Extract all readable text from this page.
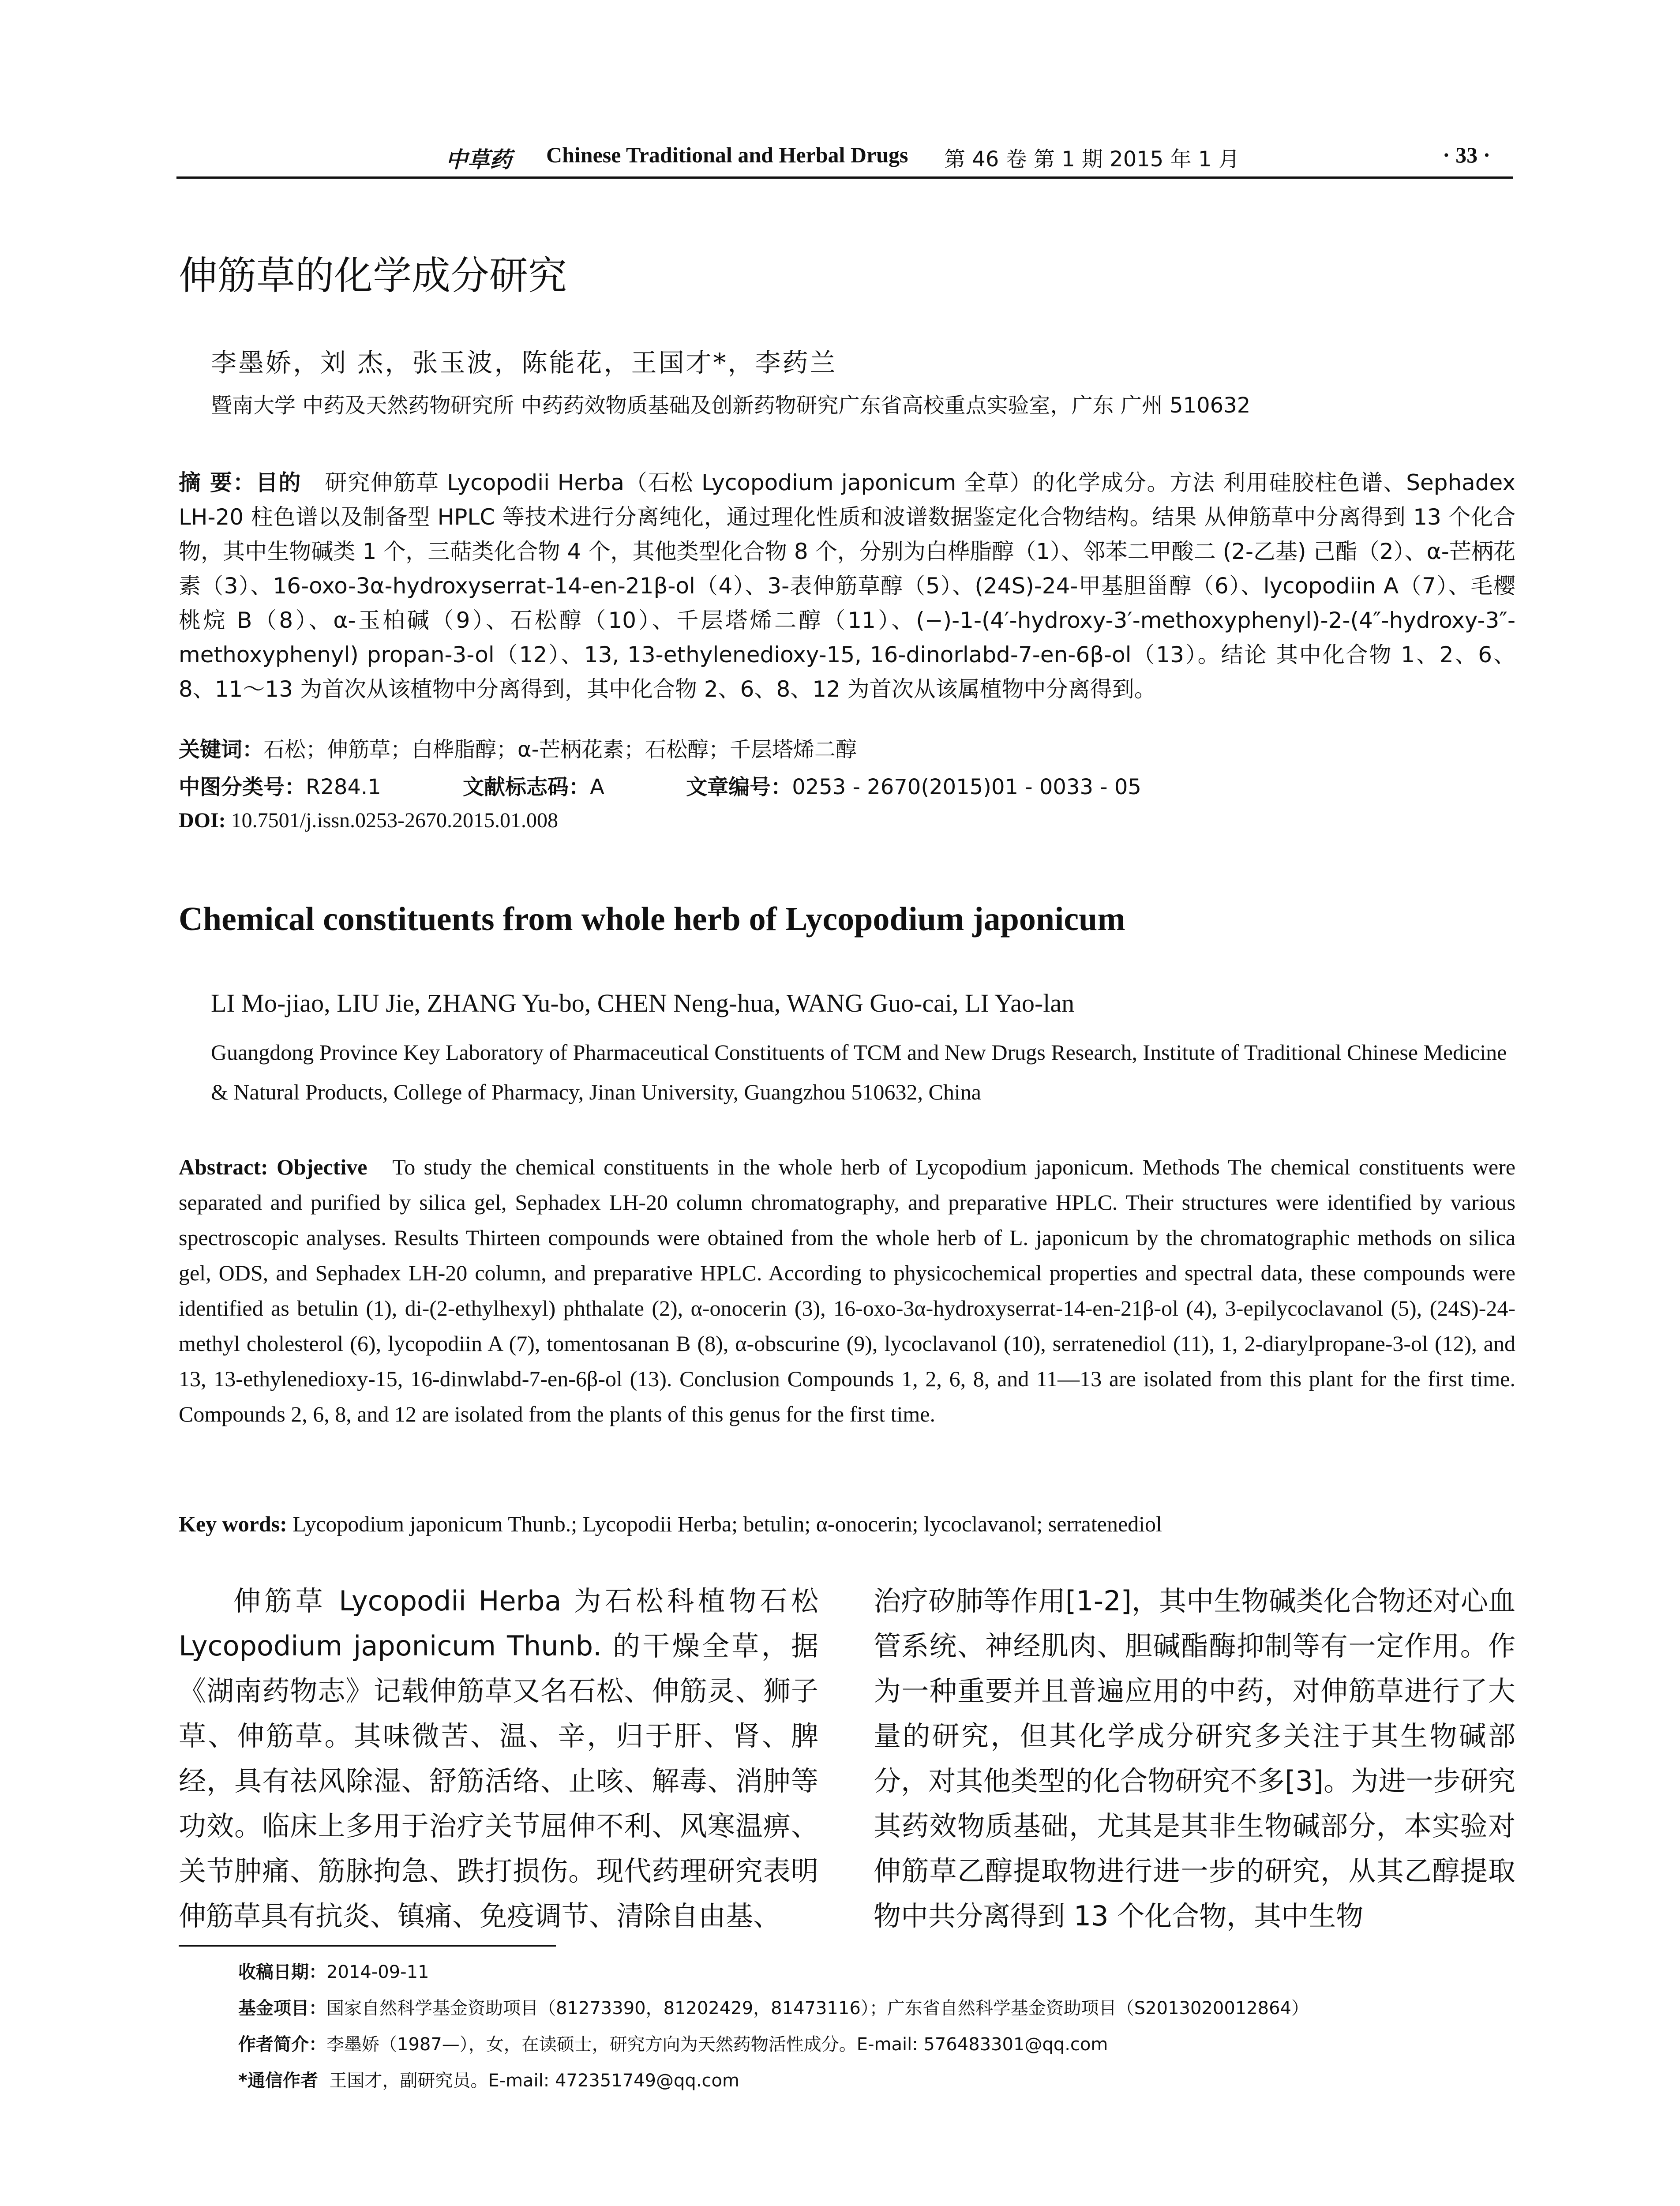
中草药 Chinese Traditional and Herbal Drugs 第 46 卷 第 1 期 2015 年 1 月	· 33 ·
伸筋草的化学成分研究
李墨娇，刘 杰，张玉波，陈能花，王国才*，李药兰
暨南大学 中药及天然药物研究所 中药药效物质基础及创新药物研究广东省高校重点实验室，广东 广州 510632
摘 要：目的 研究伸筋草 Lycopodii Herba（石松 Lycopodium japonicum 全草）的化学成分。方法 利用硅胶柱色谱、Sephadex LH-20 柱色谱以及制备型 HPLC 等技术进行分离纯化，通过理化性质和波谱数据鉴定化合物结构。结果 从伸筋草中分离得到 13 个化合物，其中生物碱类 1 个，三萜类化合物 4 个，其他类型化合物 8 个，分别为白桦脂醇（1）、邻苯二甲酸二 (2-乙基) 己酯（2）、α-芒柄花素（3）、16-oxo-3α-hydroxyserrat-14-en-21β-ol（4）、3-表伸筋草醇（5）、(24S)-24-甲基胆甾醇（6）、lycopodiin A（7）、毛樱桃烷 B（8）、α-玉柏碱（9）、石松醇（10）、千层塔烯二醇（11）、(−)-1-(4′-hydroxy-3′-methoxyphenyl)-2-(4″-hydroxy-3″-methoxyphenyl) propan-3-ol（12）、13, 13-ethylenedioxy-15, 16-dinorlabd-7-en-6β-ol（13）。结论 其中化合物 1、2、6、8、11～13 为首次从该植物中分离得到，其中化合物 2、6、8、12 为首次从该属植物中分离得到。
关键词：石松；伸筋草；白桦脂醇；α-芒柄花素；石松醇；千层塔烯二醇
中图分类号：R284.1	文献标志码：A	文章编号：0253 - 2670(2015)01 - 0033 - 05
DOI: 10.7501/j.issn.0253-2670.2015.01.008
Chemical constituents from whole herb of Lycopodium japonicum
LI Mo-jiao, LIU Jie, ZHANG Yu-bo, CHEN Neng-hua, WANG Guo-cai, LI Yao-lan
Guangdong Province Key Laboratory of Pharmaceutical Constituents of TCM and New Drugs Research, Institute of Traditional Chinese Medicine & Natural Products, College of Pharmacy, Jinan University, Guangzhou 510632, China
Abstract: Objective To study the chemical constituents in the whole herb of Lycopodium japonicum. Methods The chemical constituents were separated and purified by silica gel, Sephadex LH-20 column chromatography, and preparative HPLC. Their structures were identified by various spectroscopic analyses. Results Thirteen compounds were obtained from the whole herb of L. japonicum by the chromatographic methods on silica gel, ODS, and Sephadex LH-20 column, and preparative HPLC. According to physicochemical properties and spectral data, these compounds were identified as betulin (1), di-(2-ethylhexyl) phthalate (2), α-onocerin (3), 16-oxo-3α-hydroxyserrat-14-en-21β-ol (4), 3-epilycoclavanol (5), (24S)-24-methyl cholesterol (6), lycopodiin A (7), tomentosanan B (8), α-obscurine (9), lycoclavanol (10), serratenediol (11), 1, 2-diarylpropane-3-ol (12), and 13, 13-ethylenedioxy-15, 16-dinwlabd-7-en-6β-ol (13). Conclusion Compounds 1, 2, 6, 8, and 11—13 are isolated from this plant for the first time. Compounds 2, 6, 8, and 12 are isolated from the plants of this genus for the first time.
Key words: Lycopodium japonicum Thunb.; Lycopodii Herba; betulin; α-onocerin; lycoclavanol; serratenediol
伸筋草 Lycopodii Herba 为石松科植物石松 Lycopodium japonicum Thunb. 的干燥全草，据《湖南药物志》记载伸筋草又名石松、伸筋灵、狮子草、伸筋草。其味微苦、温、辛，归于肝、肾、脾经，具有祛风除湿、舒筋活络、止咳、解毒、消肿等功效。临床上多用于治疗关节屈伸不利、风寒温痹、关节肿痛、筋脉拘急、跌打损伤。现代药理研究表明伸筋草具有抗炎、镇痛、免疫调节、清除自由基、
治疗矽肺等作用[1-2]，其中生物碱类化合物还对心血管系统、神经肌肉、胆碱酯酶抑制等有一定作用。作为一种重要并且普遍应用的中药，对伸筋草进行了大量的研究，但其化学成分研究多关注于其生物碱部分，对其他类型的化合物研究不多[3]。为进一步研究其药效物质基础，尤其是其非生物碱部分，本实验对伸筋草乙醇提取物进行进一步的研究，从其乙醇提取物中共分离得到 13 个化合物，其中生物
收稿日期：2014-09-11
基金项目：国家自然科学基金资助项目（81273390，81202429，81473116）；广东省自然科学基金资助项目（S2013020012864）
作者简介：李墨娇（1987—），女，在读硕士，研究方向为天然药物活性成分。E-mail: 576483301@qq.com
*通信作者 王国才，副研究员。E-mail: 472351749@qq.com
